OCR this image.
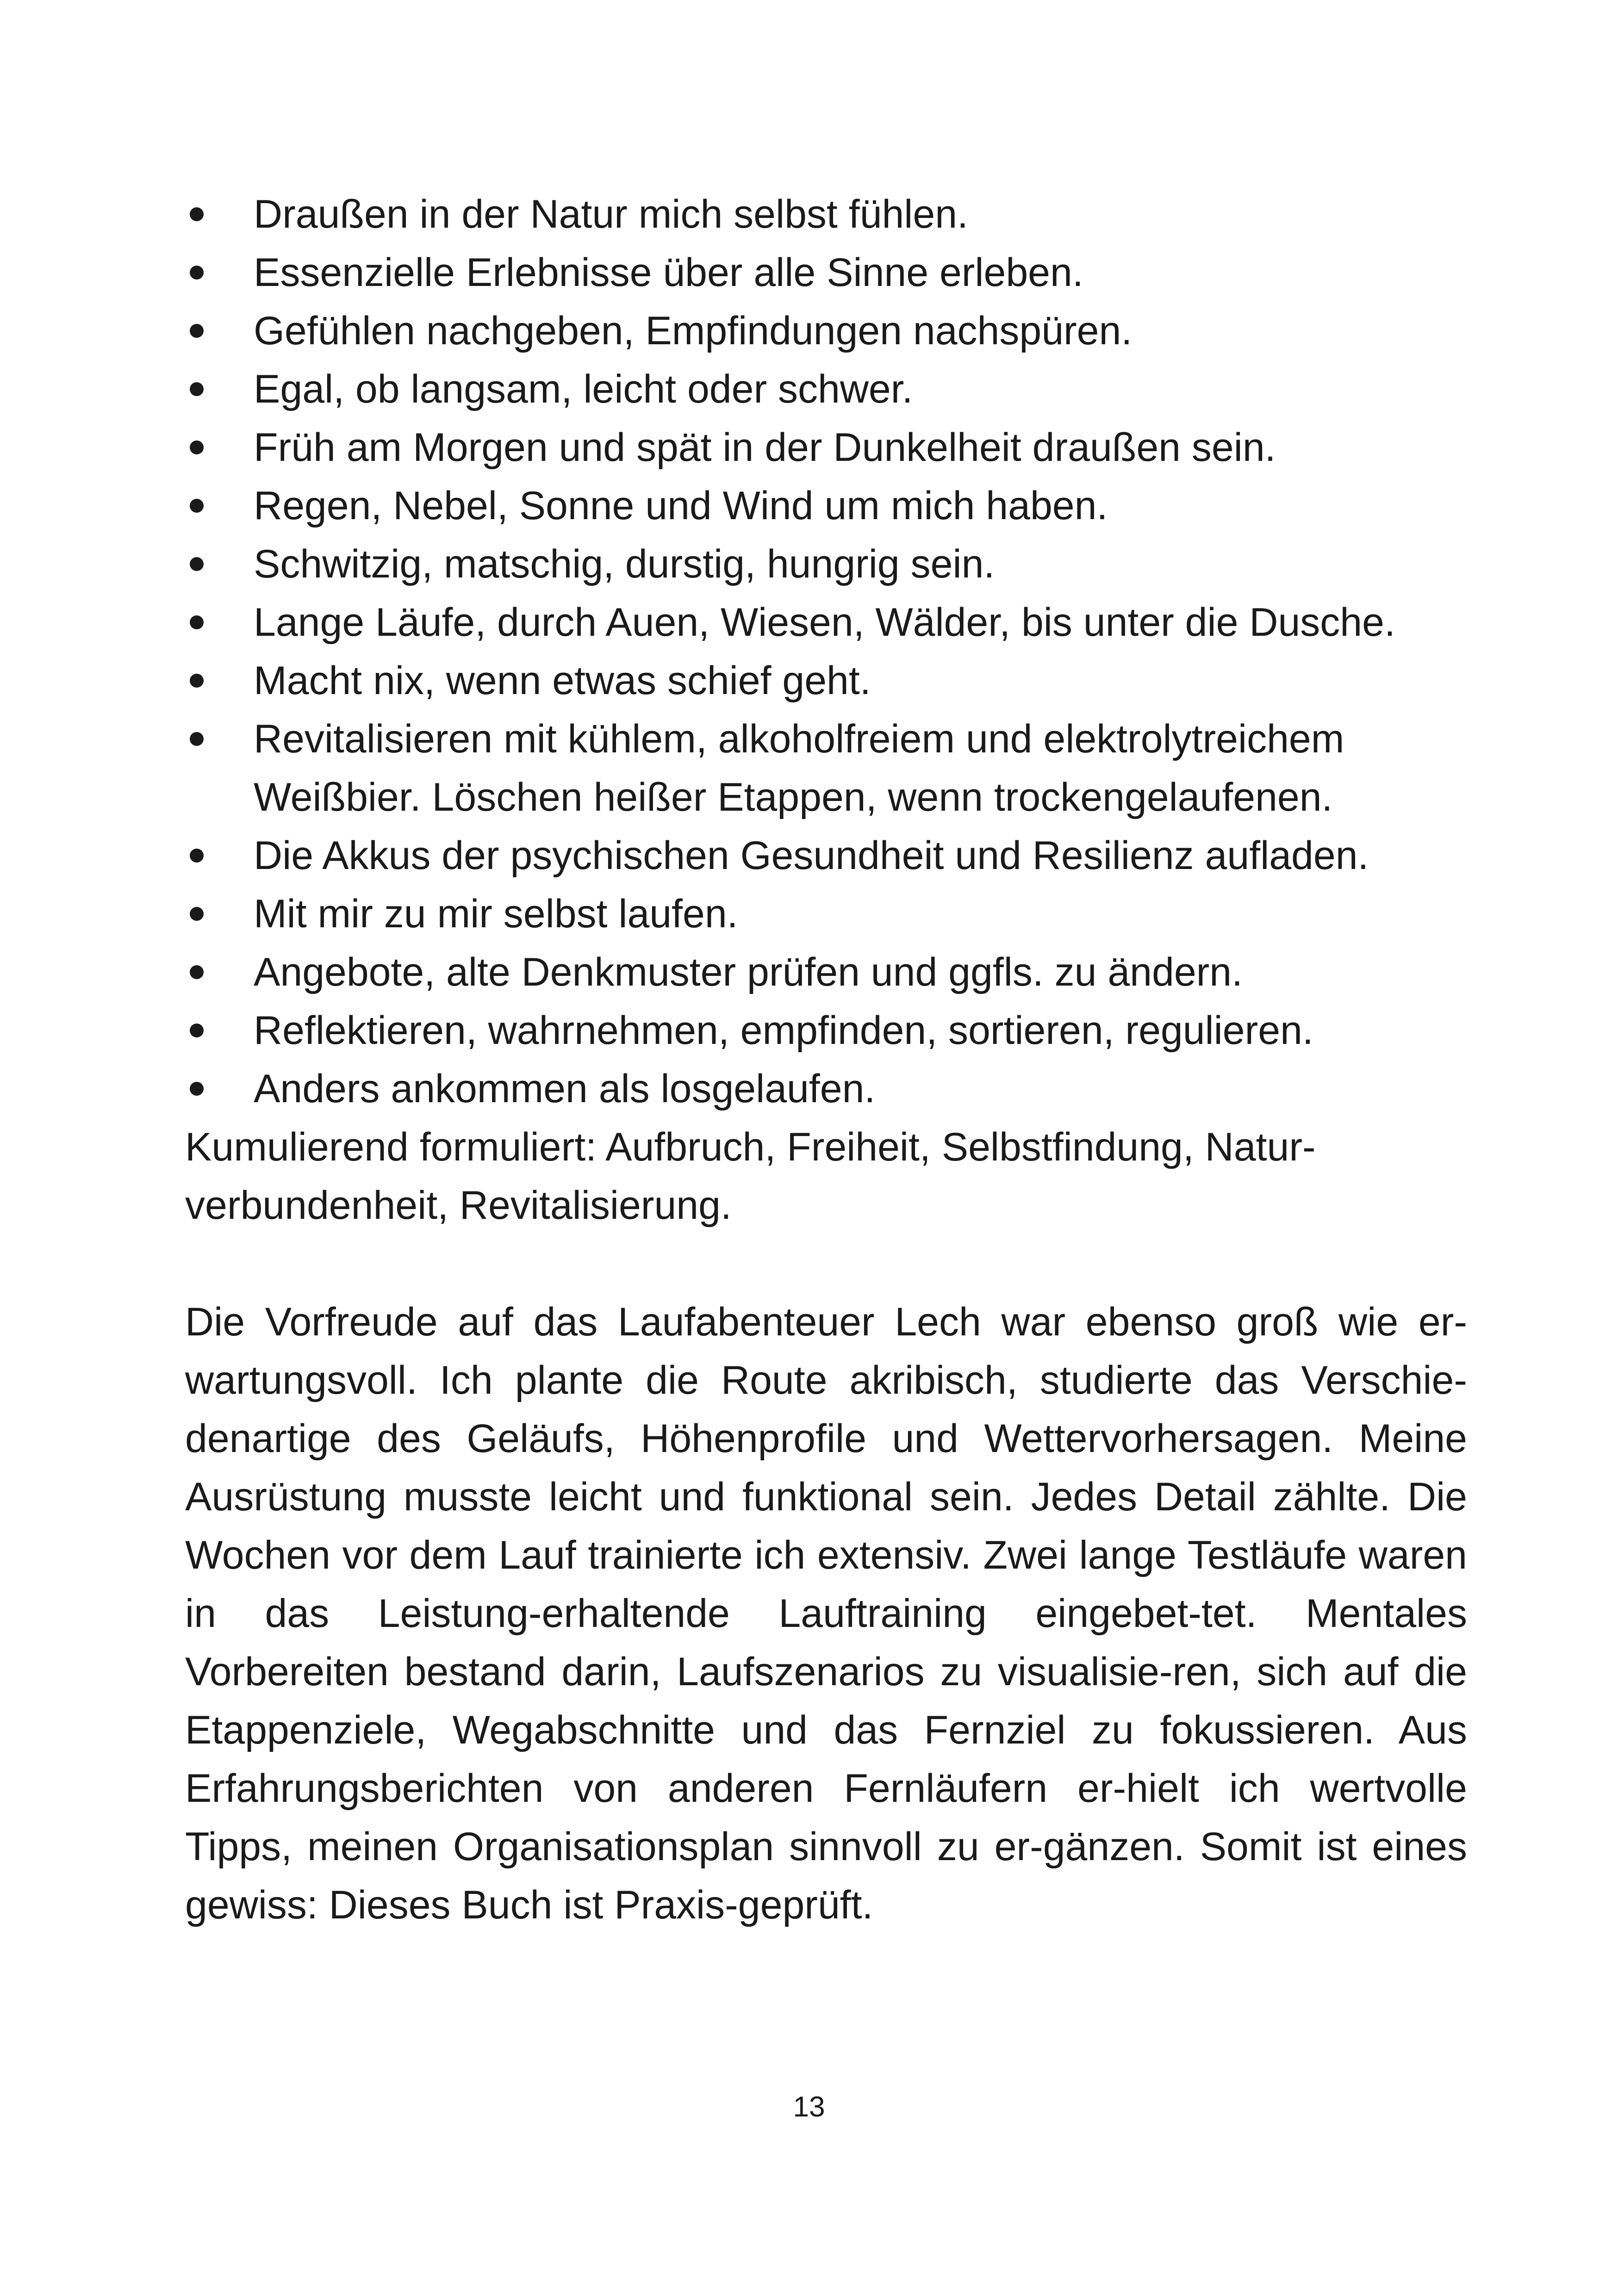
Draußen in der Natur mich selbst fühlen.
Essenzielle Erlebnisse über alle Sinne erleben.
Gefühlen nachgeben, Empfindungen nachspüren.
Egal, ob langsam, leicht oder schwer.
Früh am Morgen und spät in der Dunkelheit draußen sein.
Regen, Nebel, Sonne und Wind um mich haben.
Schwitzig, matschig, durstig, hungrig sein.
Lange Läufe, durch Auen, Wiesen, Wälder, bis unter die Dusche.
Macht nix, wenn etwas schief geht.
Revitalisieren mit kühlem, alkoholfreiem und elektrolytreichem Weißbier. Löschen heißer Etappen, wenn trockengelaufenen.
Die Akkus der psychischen Gesundheit und Resilienz aufladen.
Mit mir zu mir selbst laufen.
Angebote, alte Denkmuster prüfen und ggfls. zu ändern.
Reflektieren, wahrnehmen, empfinden, sortieren, regulieren.
Anders ankommen als losgelaufen.

Kumulierend formuliert: Aufbruch, Freiheit, Selbstfindung, Natur-verbundenheit, Revitalisierung.

Die Vorfreude auf das Laufabenteuer Lech war ebenso groß wie er-wartungsvoll. Ich plante die Route akribisch, studierte das Verschie-denartige des Geläufs, Höhenprofile und Wettervorhersagen. Meine Ausrüstung musste leicht und funktional sein. Jedes Detail zählte. Die Wochen vor dem Lauf trainierte ich extensiv. Zwei lange Testläufe waren in das Leistung-erhaltende Lauftraining eingebet-tet. Mentales Vorbereiten bestand darin, Laufszenarios zu visualisie-ren, sich auf die Etappenziele, Wegabschnitte und das Fernziel zu fokussieren. Aus Erfahrungsberichten von anderen Fernläufern er-hielt ich wertvolle Tipps, meinen Organisationsplan sinnvoll zu er-gänzen. Somit ist eines gewiss: Dieses Buch ist Praxis-geprüft.

13
